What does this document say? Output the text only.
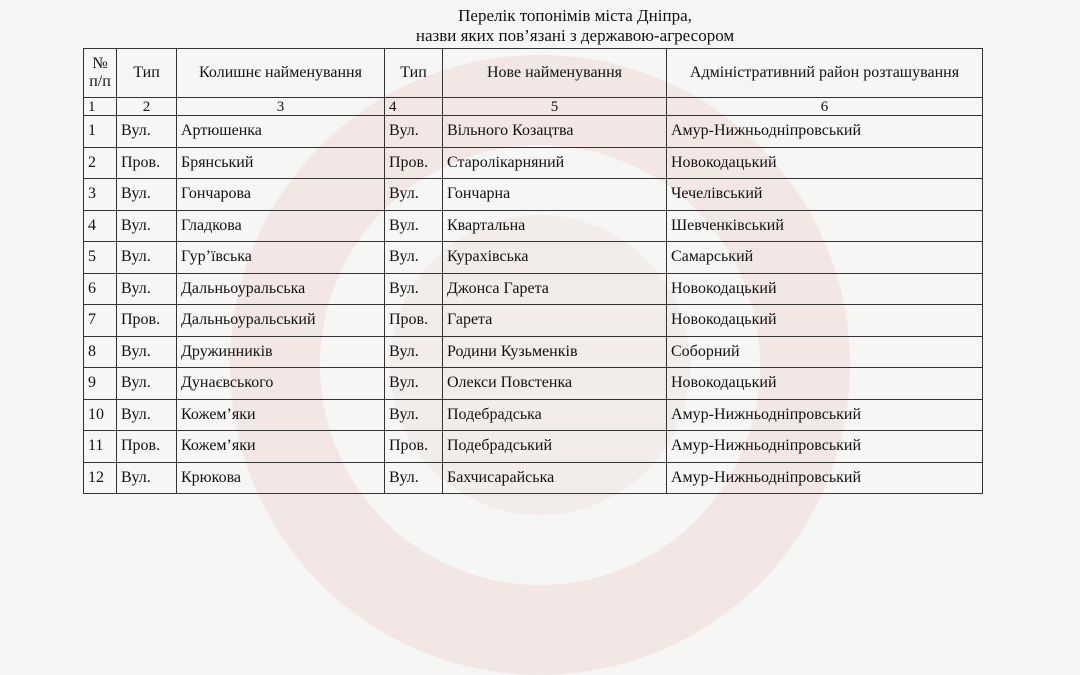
Перелік топонімів міста Дніпра,
назви яких пов’язані з державою-агресором
№ п/п	Тип	Колишнє найменування	Тип	Нове найменування	Адміністративний район розташування
1	2	3	4	5	6
1	Вул.	Артюшенка	Вул.	Вільного Козацтва	Амур-Нижньодніпровський
2	Пров.	Брянський	Пров.	Старолікарняний	Новокодацький
3	Вул.	Гончарова	Вул.	Гончарна	Чечелівський
4	Вул.	Гладкова	Вул.	Квартальна	Шевченківський
5	Вул.	Гур’ївська	Вул.	Курахівська	Самарський
6	Вул.	Дальньоуральська	Вул.	Джонса Гарета	Новокодацький
7	Пров.	Дальньоуральський	Пров.	Гарета	Новокодацький
8	Вул.	Дружинників	Вул.	Родини Кузьменків	Соборний
9	Вул.	Дунаєвського	Вул.	Олекси Повстенка	Новокодацький
10	Вул.	Кожем’яки	Вул.	Подебрадська	Амур-Нижньодніпровський
11	Пров.	Кожем’яки	Пров.	Подебрадський	Амур-Нижньодніпровський
12	Вул.	Крюкова	Вул.	Бахчисарайська	Амур-Нижньодніпровський
